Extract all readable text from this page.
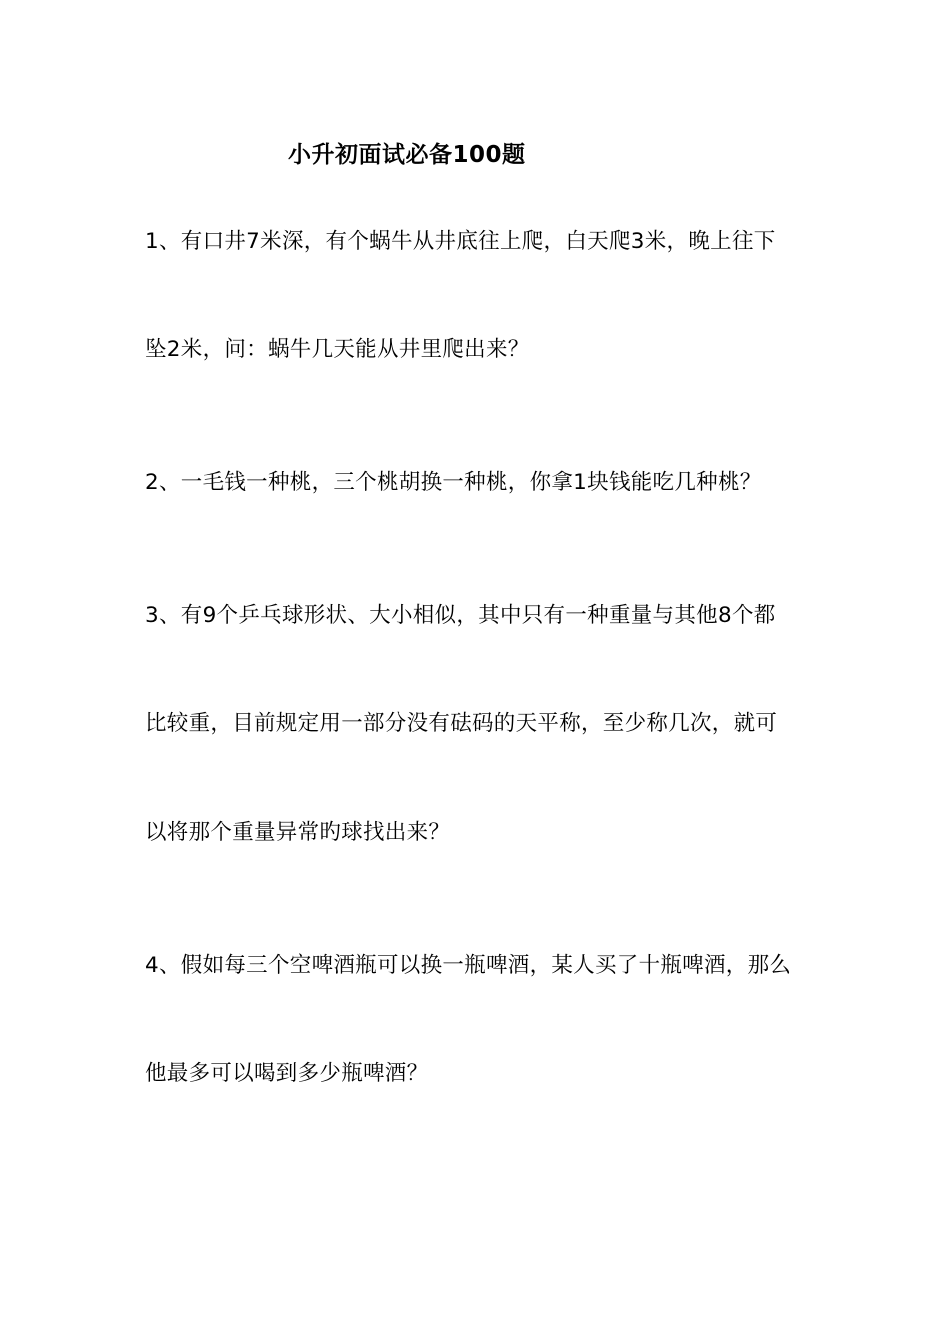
小升初面试必备100题
1、有口井7米深，有个蜗牛从井底往上爬，白天爬3米，晚上往下
坠2米，问：蜗牛几天能从井里爬出来？
2、一毛钱一种桃，三个桃胡换一种桃，你拿1块钱能吃几种桃？
3、有9个乒乓球形状、大小相似，其中只有一种重量与其他8个都
比较重，目前规定用一部分没有砝码的天平称，至少称几次，就可
以将那个重量异常旳球找出来？
4、假如每三个空啤酒瓶可以换一瓶啤酒，某人买了十瓶啤酒，那么
他最多可以喝到多少瓶啤酒？
